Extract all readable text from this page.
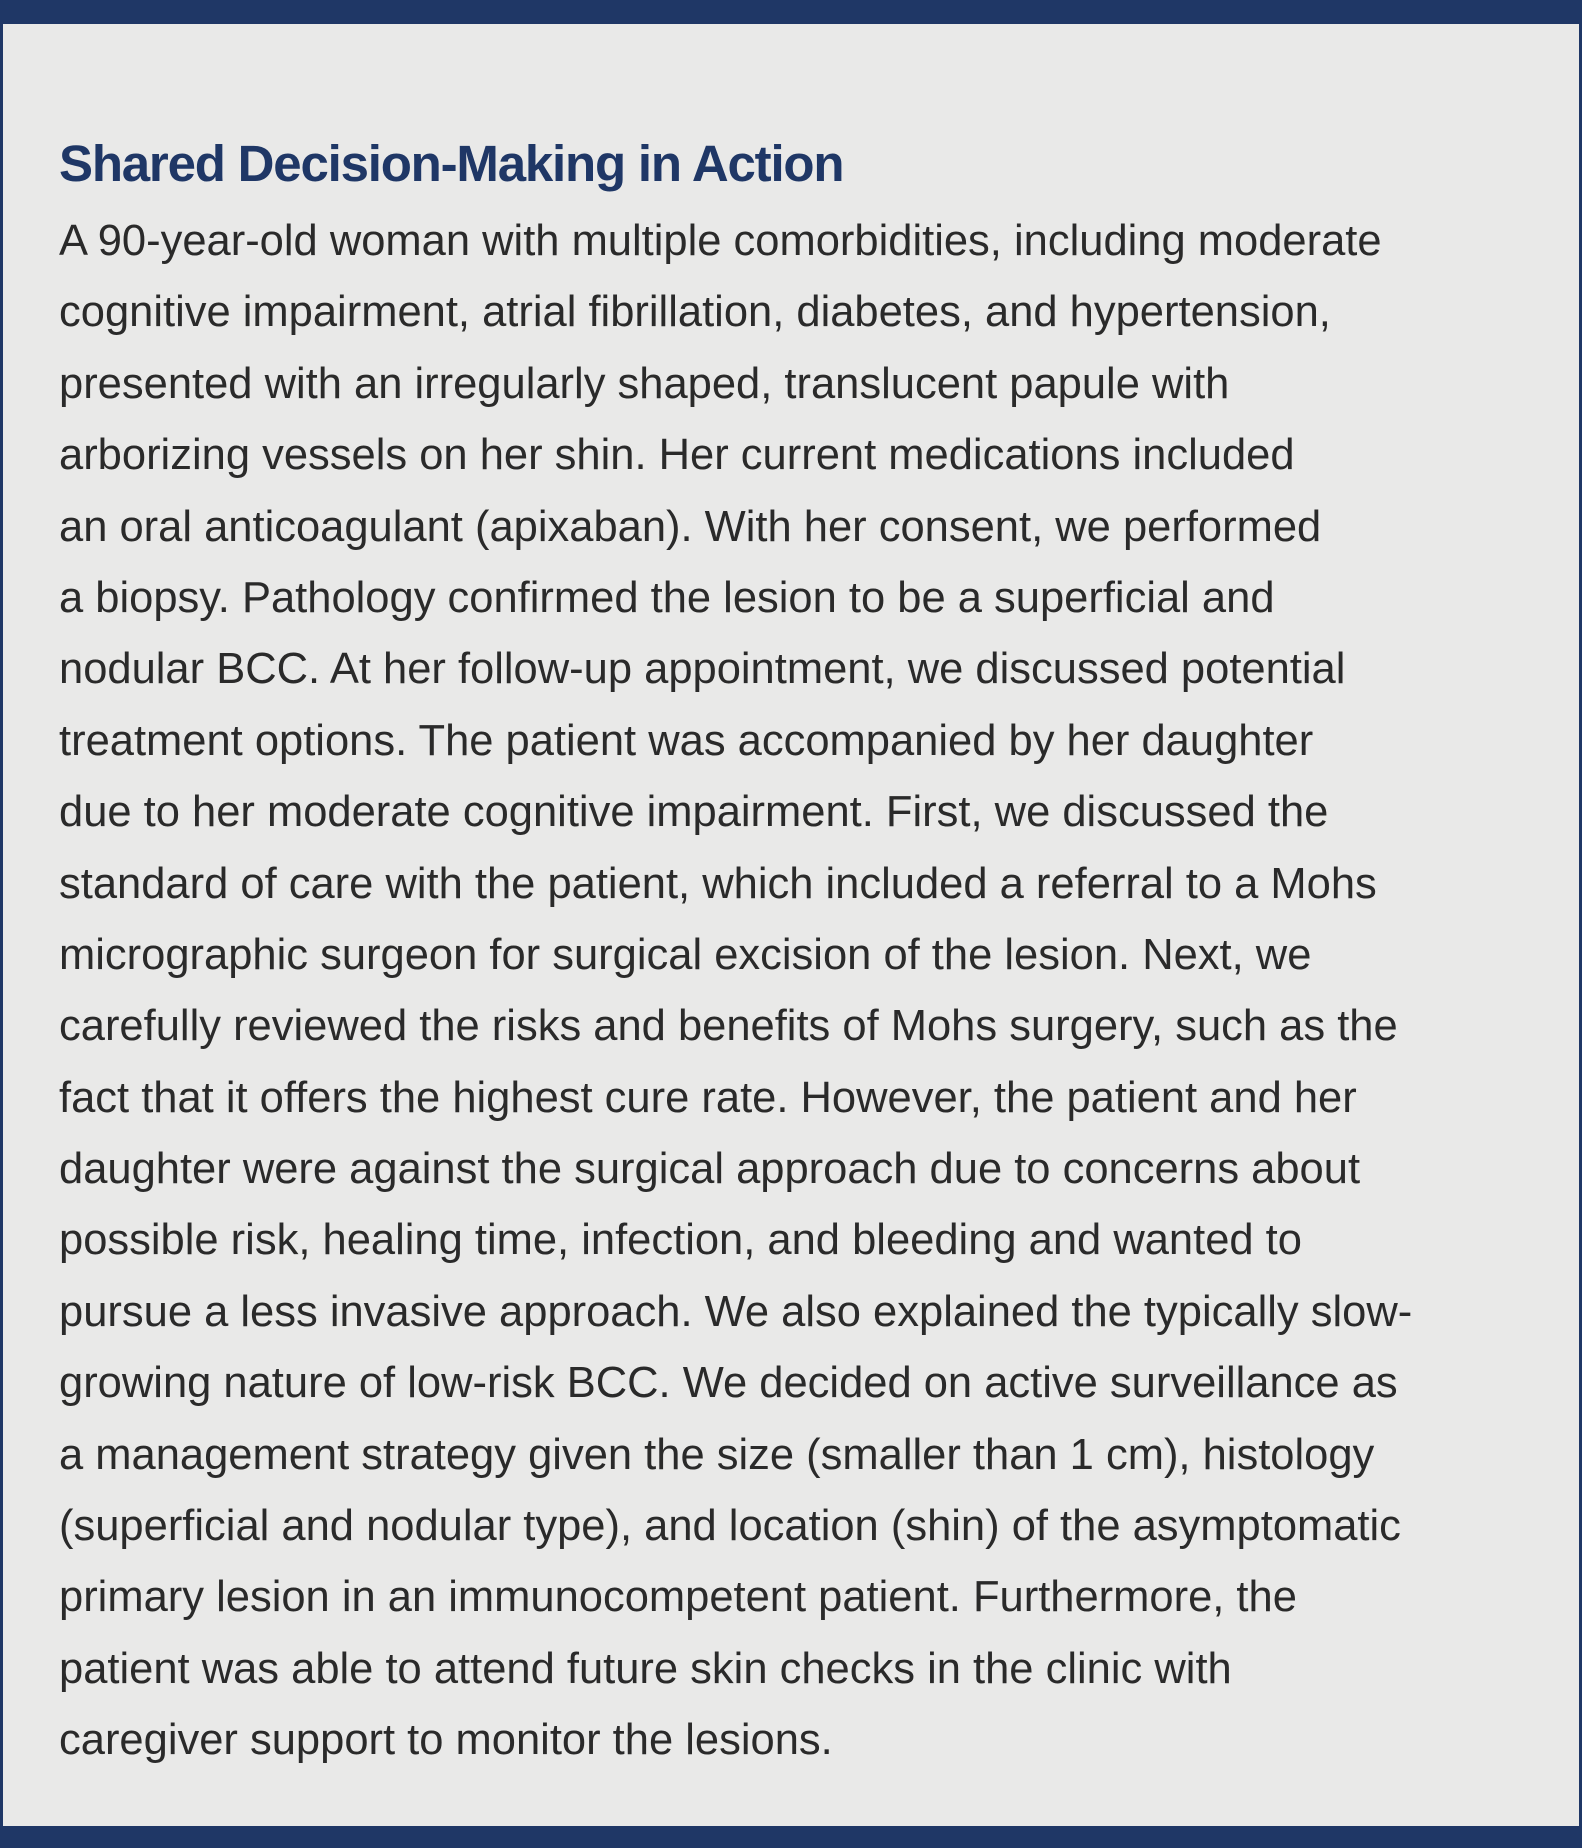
Shared Decision-Making in Action
A 90-year-old woman with multiple comorbidities, including moderate
cognitive impairment, atrial fibrillation, diabetes, and hypertension,
presented with an irregularly shaped, translucent papule with
arborizing vessels on her shin. Her current medications included
an oral anticoagulant (apixaban). With her consent, we performed
a biopsy. Pathology confirmed the lesion to be a superficial and
nodular BCC. At her follow-up appointment, we discussed potential
treatment options. The patient was accompanied by her daughter
due to her moderate cognitive impairment. First, we discussed the
standard of care with the patient, which included a referral to a Mohs
micrographic surgeon for surgical excision of the lesion. Next, we
carefully reviewed the risks and benefits of Mohs surgery, such as the
fact that it offers the highest cure rate. However, the patient and her
daughter were against the surgical approach due to concerns about
possible risk, healing time, infection, and bleeding and wanted to
pursue a less invasive approach. We also explained the typically slow-
growing nature of low-risk BCC. We decided on active surveillance as
a management strategy given the size (smaller than 1 cm), histology
(superficial and nodular type), and location (shin) of the asymptomatic
primary lesion in an immunocompetent patient. Furthermore, the
patient was able to attend future skin checks in the clinic with
caregiver support to monitor the lesions.
